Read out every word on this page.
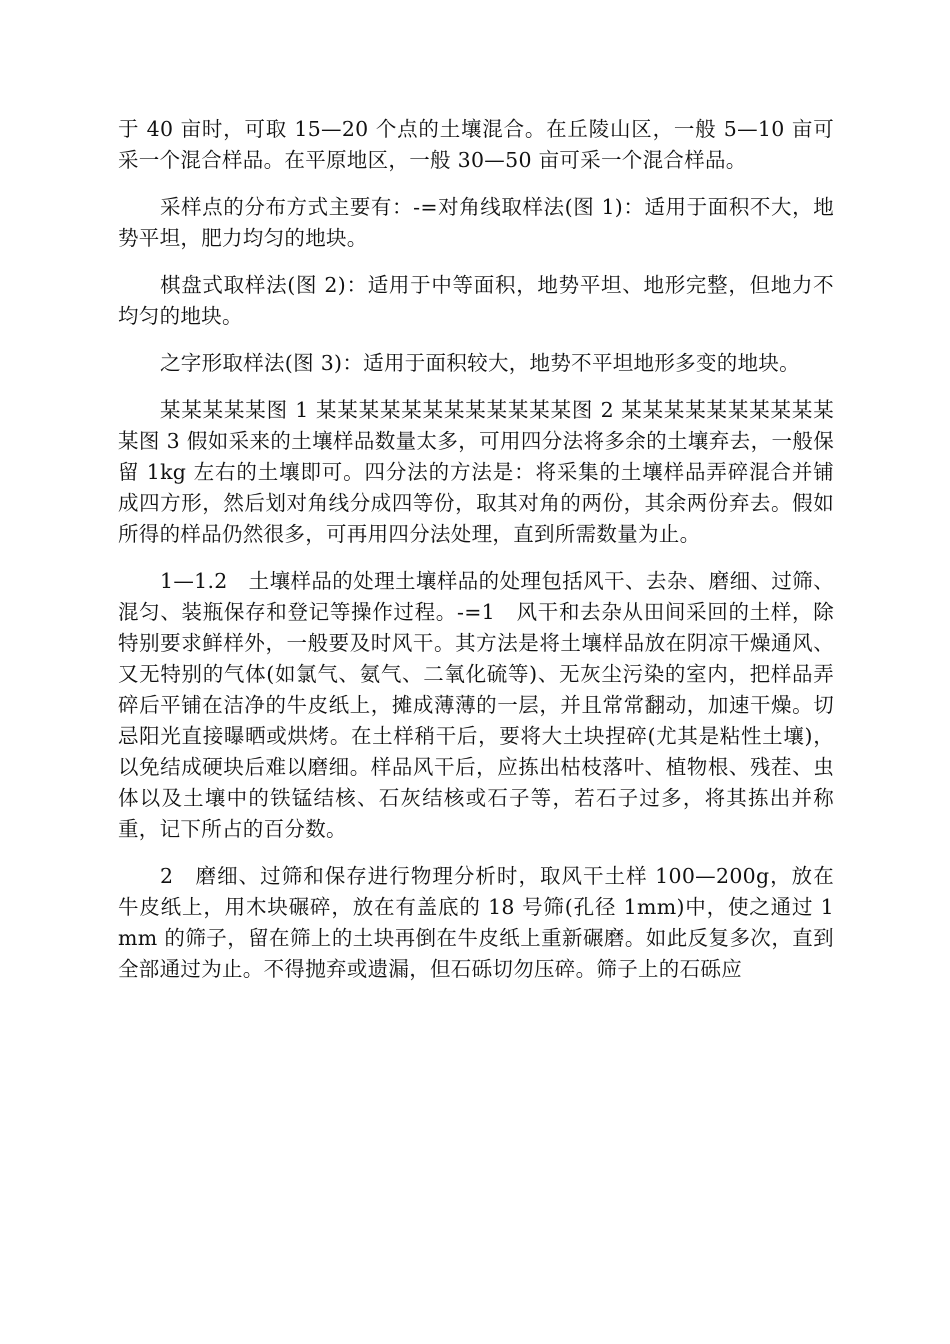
于 40 亩时，可取 15—20 个点的土壤混合。在丘陵山区，一般 5—10 亩可采一个混合样品。在平原地区，一般 30—50 亩可采一个混合样品。

采样点的分布方式主要有：-=对角线取样法(图 1)：适用于面积不大，地势平坦，肥力均匀的地块。

棋盘式取样法(图 2)：适用于中等面积，地势平坦、地形完整，但地力不均匀的地块。

之字形取样法(图 3)：适用于面积较大，地势不平坦地形多变的地块。

某某某某某图 1 某某某某某某某某某某某某图 2 某某某某某某某某某某某图 3 假如采来的土壤样品数量太多，可用四分法将多余的土壤弃去，一般保留 1kg 左右的土壤即可。四分法的方法是：将采集的土壤样品弄碎混合并铺成四方形，然后划对角线分成四等份，取其对角的两份，其余两份弃去。假如所得的样品仍然很多，可再用四分法处理，直到所需数量为止。

1—1.2　土壤样品的处理土壤样品的处理包括风干、去杂、磨细、过筛、混匀、装瓶保存和登记等操作过程。-=1　风干和去杂从田间采回的土样，除特别要求鲜样外，一般要及时风干。其方法是将土壤样品放在阴凉干燥通风、又无特别的气体(如氯气、氨气、二氧化硫等)、无灰尘污染的室内，把样品弄碎后平铺在洁净的牛皮纸上，摊成薄薄的一层，并且常常翻动，加速干燥。切忌阳光直接曝晒或烘烤。在土样稍干后，要将大土块捏碎(尤其是粘性土壤)，以免结成硬块后难以磨细。样品风干后，应拣出枯枝落叶、植物根、残茬、虫体以及土壤中的铁锰结核、石灰结核或石子等，若石子过多，将其拣出并称重，记下所占的百分数。

2　磨细、过筛和保存进行物理分析时，取风干土样 100—200g，放在牛皮纸上，用木块碾碎，放在有盖底的 18 号筛(孔径 1mm)中，使之通过 1mm 的筛子，留在筛上的土块再倒在牛皮纸上重新碾磨。如此反复多次，直到全部通过为止。不得抛弃或遗漏，但石砾切勿压碎。筛子上的石砾应
